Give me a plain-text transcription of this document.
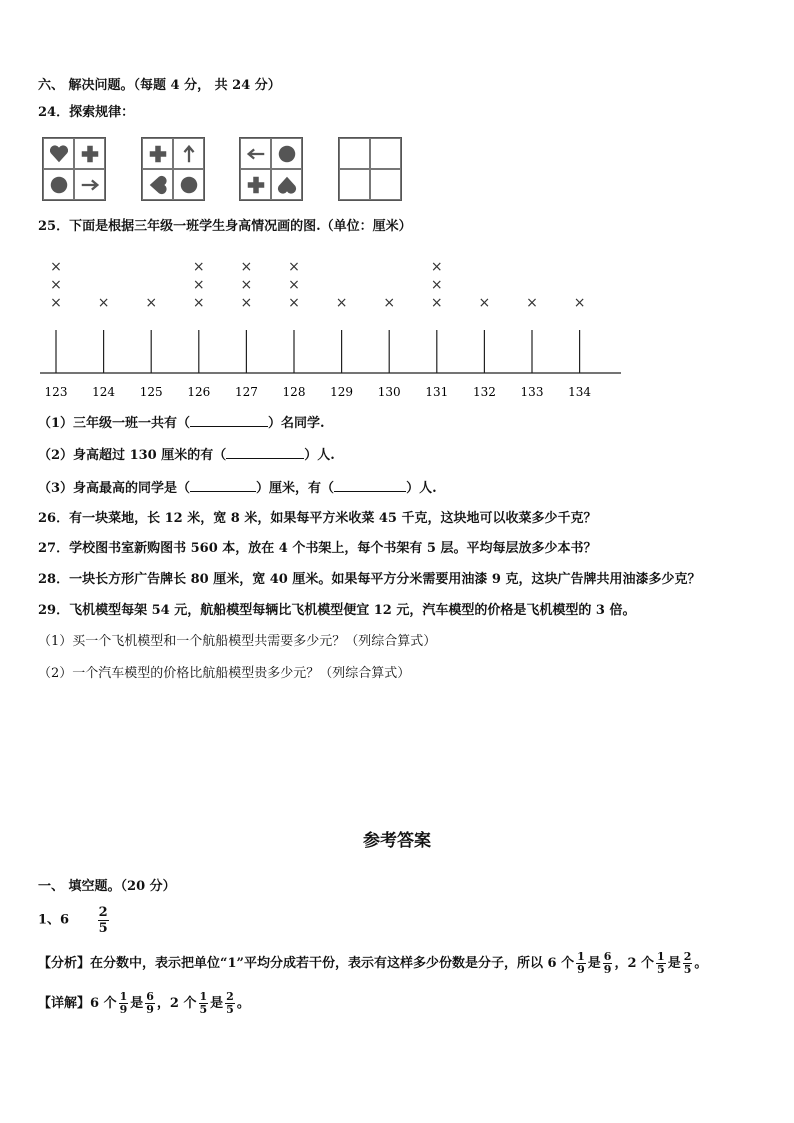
六、 解决问题。（每题 4 分， 共 24 分）
24．探索规律：
25．下面是根据三年级一班学生身高情况画的图.（单位：厘米）
123
×
×
×
124
×
125
×
126
×
×
×
127
×
×
×
128
×
×
×
129
×
130
×
131
×
×
×
132
×
133
×
134
×
（1）三年级一班一共有（	）名同学.
（2）身高超过 130 厘米的有（	）人.
（3）身高最高的同学是（	）厘米，有（	）人.
26．有一块菜地，长 12 米，宽 8 米，如果每平方米收菜 45 千克，这块地可以收菜多少千克？
27．学校图书室新购图书 560 本，放在 4 个书架上，每个书架有 5 层。平均每层放多少本书？
28．一块长方形广告牌长 80 厘米，宽 40 厘米。如果每平方分米需要用油漆 9 克，这块广告牌共用油漆多少克？
29．飞机模型每架 54 元，航船模型每辆比飞机模型便宜 12 元，汽车模型的价格是飞机模型的 3 倍。
（1）买一个飞机模型和一个航船模型共需要多少元？（列综合算式）
（2）一个汽车模型的价格比航船模型贵多少元？（列综合算式）
参考答案
一、 填空题。（20 分）
1、$6 \frac{2}{5}$
【分析】在分数中，表示把单位“1”平均分成若干份，表示有这样多少份数是分子，所以 6 个 $\frac{1}{9}$ 是 $\frac{6}{9}$ ，2 个 $\frac{1}{5}$ 是 $\frac{2}{5}$ 。
【详解】6 个 $\frac{1}{9}$ 是 $\frac{6}{9}$ ，2 个 $\frac{1}{5}$ 是 $\frac{2}{5}$ 。
